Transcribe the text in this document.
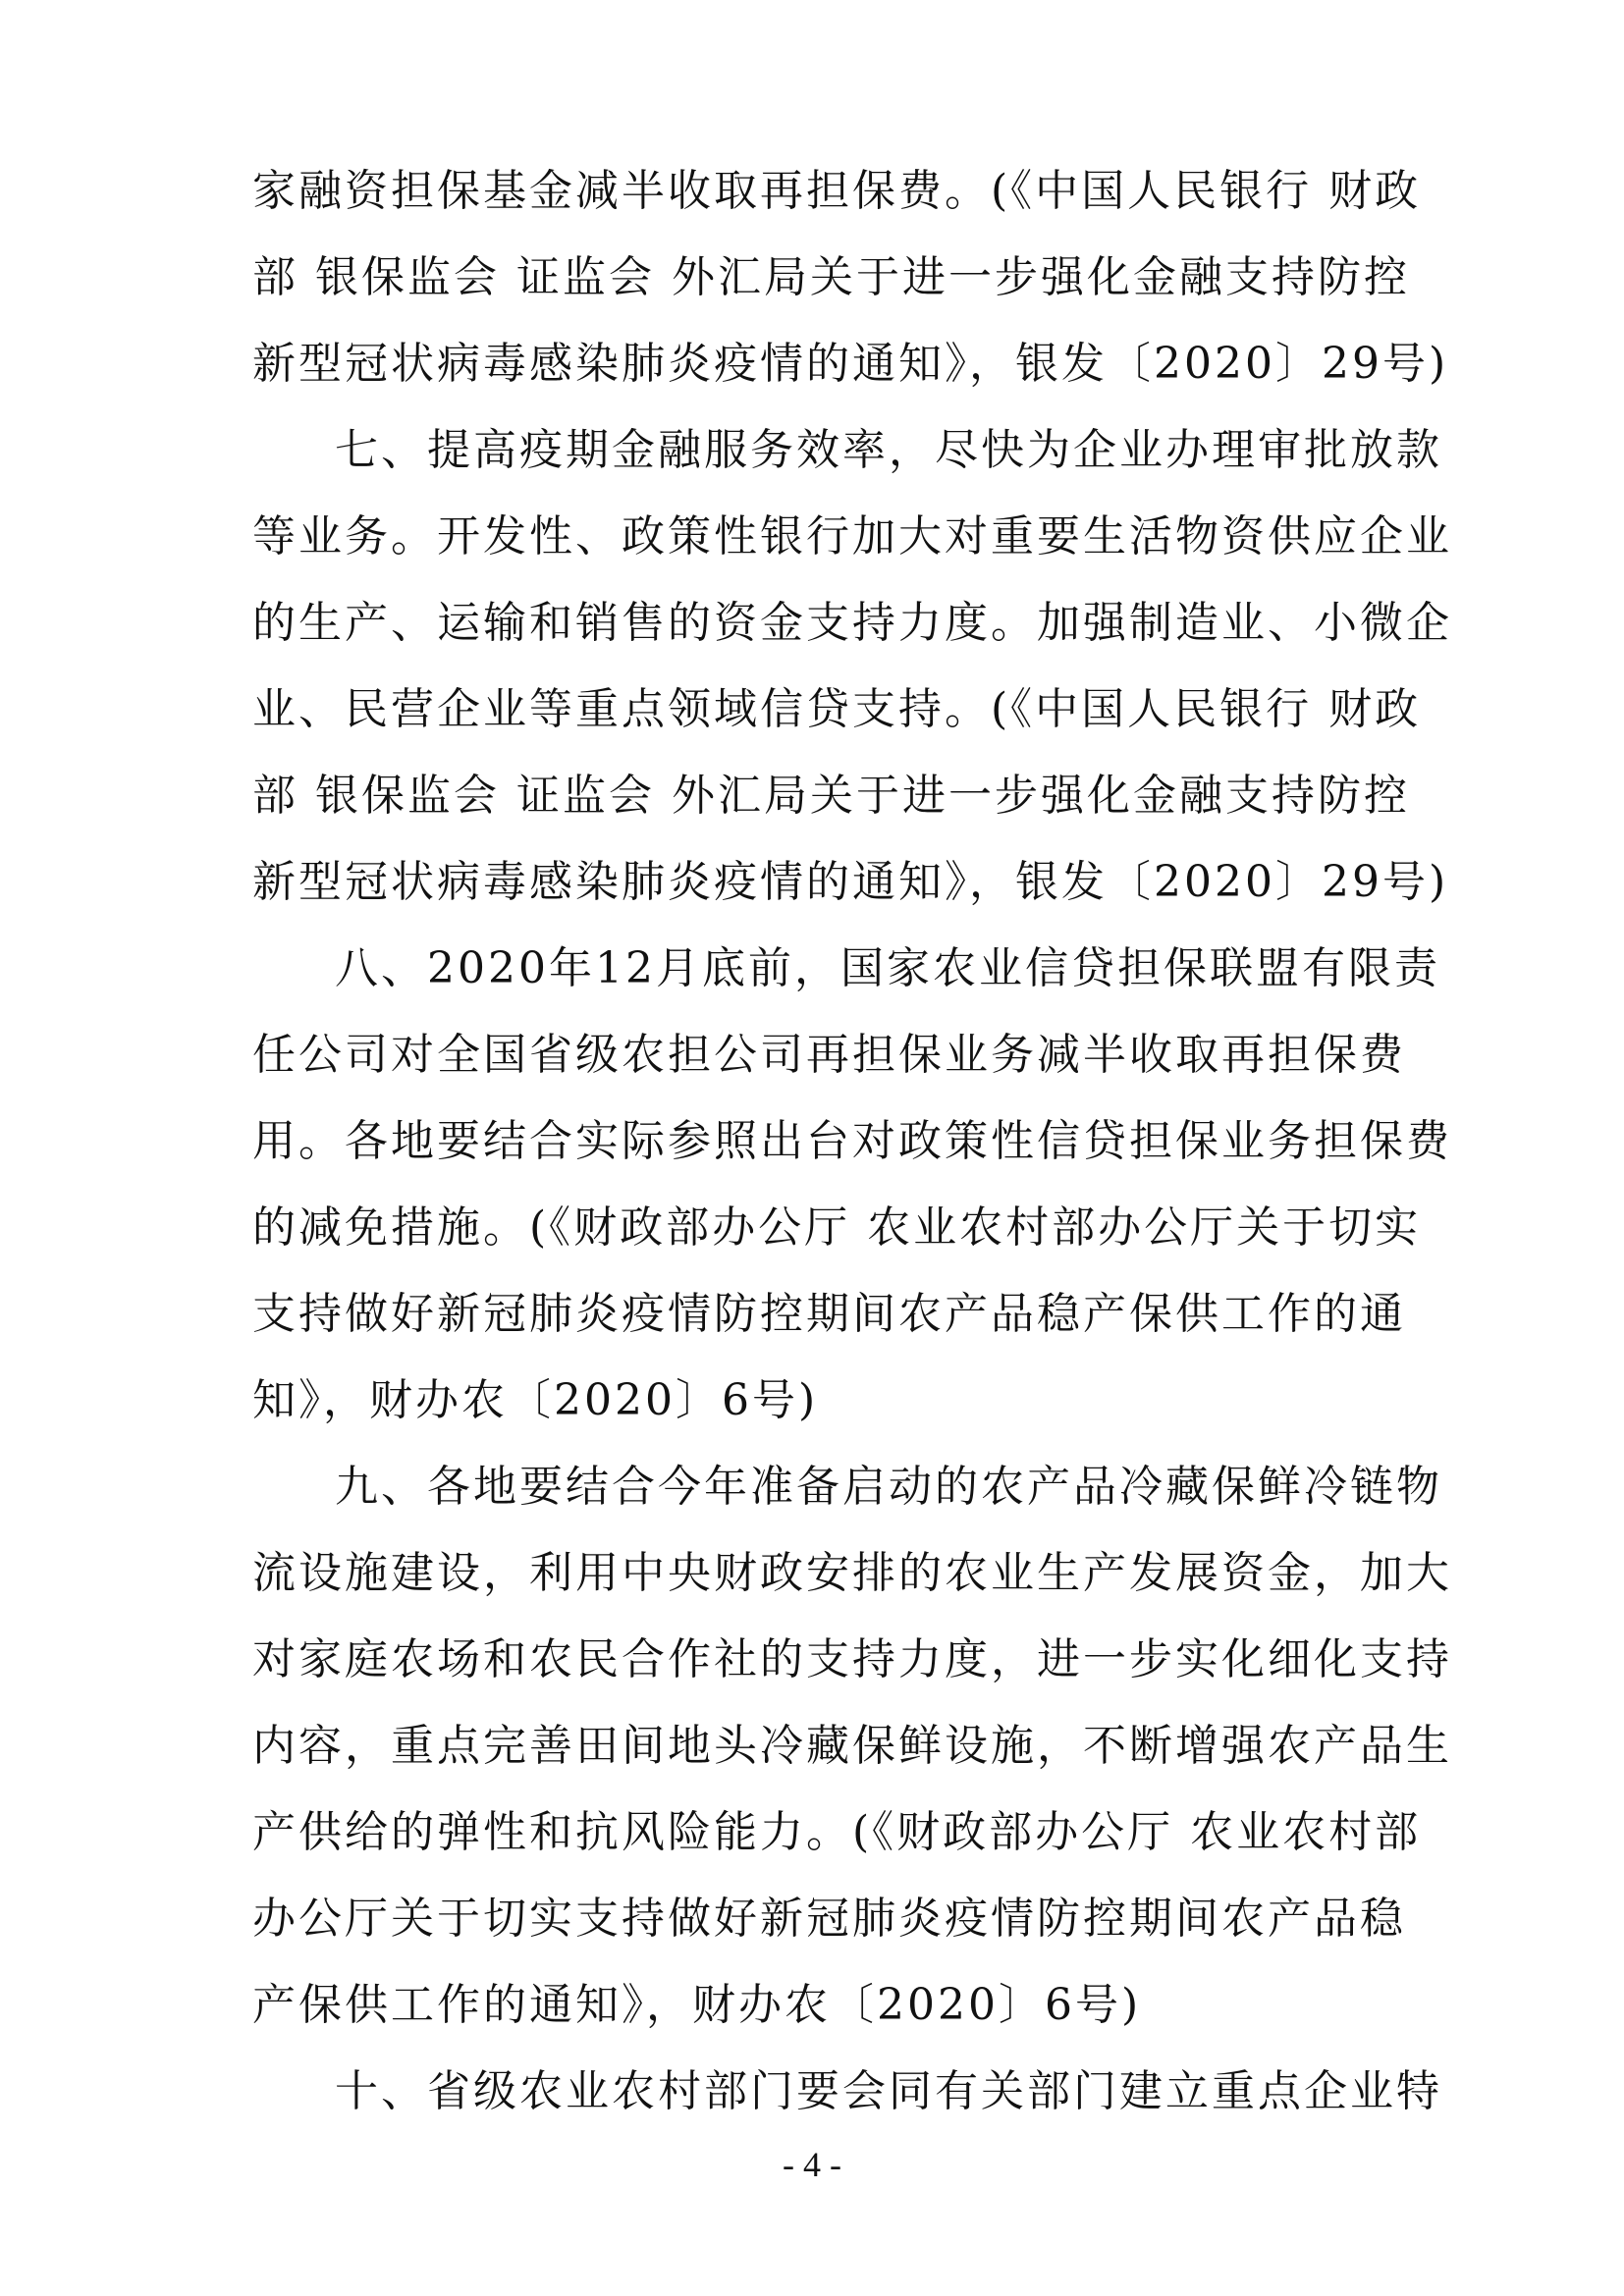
家融资担保基金减半收取再担保费。(《中国人民银行 财政
部 银保监会 证监会 外汇局关于进一步强化金融支持防控
新型冠状病毒感染肺炎疫情的通知》，银发〔2020〕29号)
七、提高疫期金融服务效率，尽快为企业办理审批放款
等业务。开发性、政策性银行加大对重要生活物资供应企业
的生产、运输和销售的资金支持力度。加强制造业、小微企
业、民营企业等重点领域信贷支持。(《中国人民银行 财政
部 银保监会 证监会 外汇局关于进一步强化金融支持防控
新型冠状病毒感染肺炎疫情的通知》，银发〔2020〕29号)
八、2020年12月底前，国家农业信贷担保联盟有限责
任公司对全国省级农担公司再担保业务减半收取再担保费
用。各地要结合实际参照出台对政策性信贷担保业务担保费
的减免措施。(《财政部办公厅 农业农村部办公厅关于切实
支持做好新冠肺炎疫情防控期间农产品稳产保供工作的通
知》，财办农〔2020〕6号)
九、各地要结合今年准备启动的农产品冷藏保鲜冷链物
流设施建设，利用中央财政安排的农业生产发展资金，加大
对家庭农场和农民合作社的支持力度，进一步实化细化支持
内容，重点完善田间地头冷藏保鲜设施，不断增强农产品生
产供给的弹性和抗风险能力。(《财政部办公厅 农业农村部
办公厅关于切实支持做好新冠肺炎疫情防控期间农产品稳
产保供工作的通知》，财办农〔2020〕6号)
十、省级农业农村部门要会同有关部门建立重点企业特
- 4 -
